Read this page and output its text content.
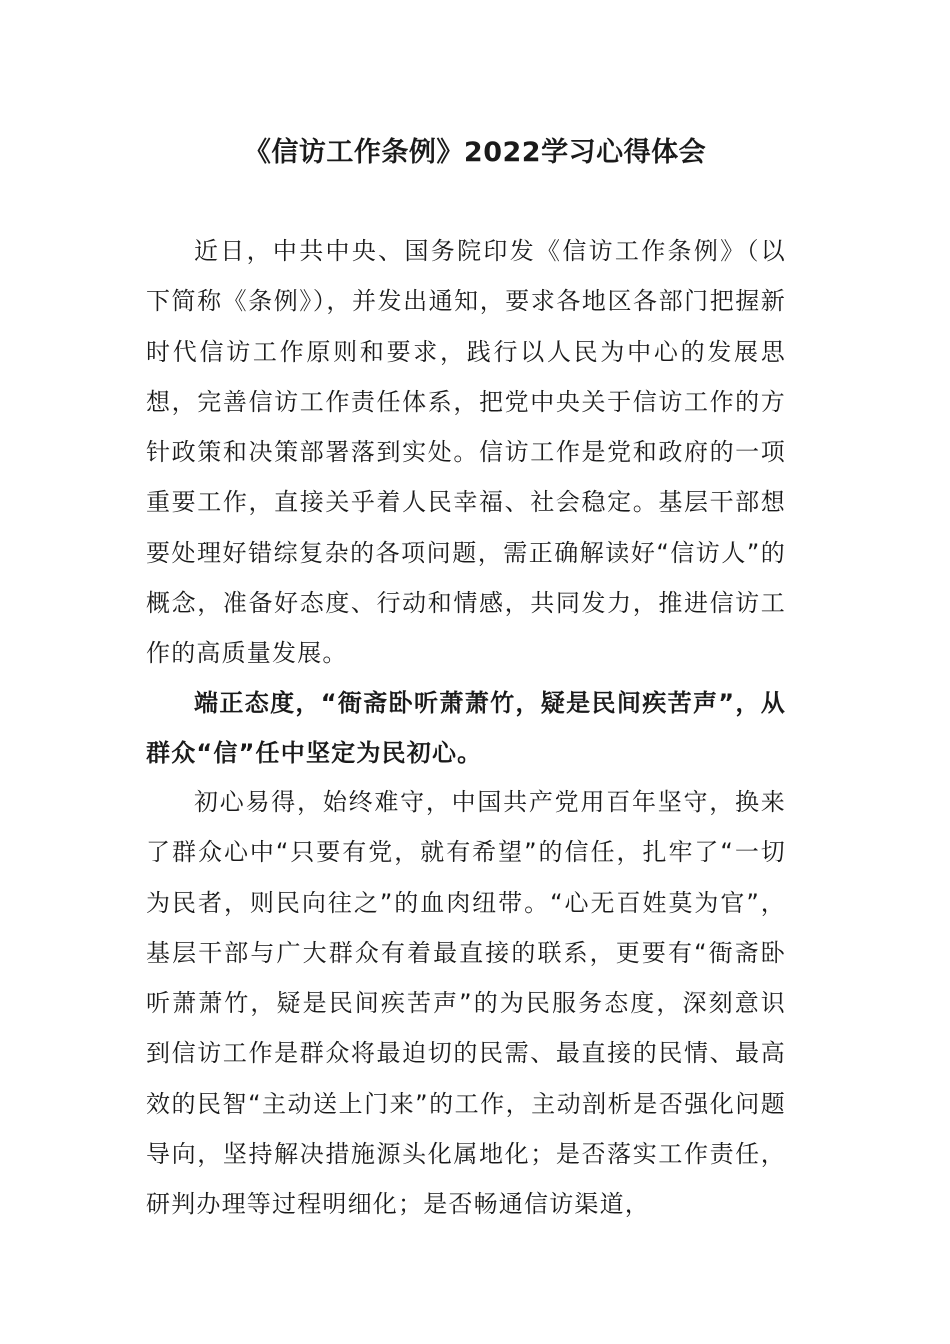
《信访工作条例》2022学习心得体会

近日，中共中央、国务院印发《信访工作条例》（以下简称《条例》），并发出通知，要求各地区各部门把握新时代信访工作原则和要求，践行以人民为中心的发展思想，完善信访工作责任体系，把党中央关于信访工作的方针政策和决策部署落到实处。信访工作是党和政府的一项重要工作，直接关乎着人民幸福、社会稳定。基层干部想要处理好错综复杂的各项问题，需正确解读好“信访人”的概念，准备好态度、行动和情感，共同发力，推进信访工作的高质量发展。

端正态度，“衙斋卧听萧萧竹，疑是民间疾苦声”，从群众“信”任中坚定为民初心。

初心易得，始终难守，中国共产党用百年坚守，换来了群众心中“只要有党，就有希望”的信任，扎牢了“一切为民者，则民向往之”的血肉纽带。“心无百姓莫为官”，基层干部与广大群众有着最直接的联系，更要有“衙斋卧听萧萧竹，疑是民间疾苦声”的为民服务态度，深刻意识到信访工作是群众将最迫切的民需、最直接的民情、最高效的民智“主动送上门来”的工作，主动剖析是否强化问题导向，坚持解决措施源头化属地化；是否落实工作责任，研判办理等过程明细化；是否畅通信访渠道，
